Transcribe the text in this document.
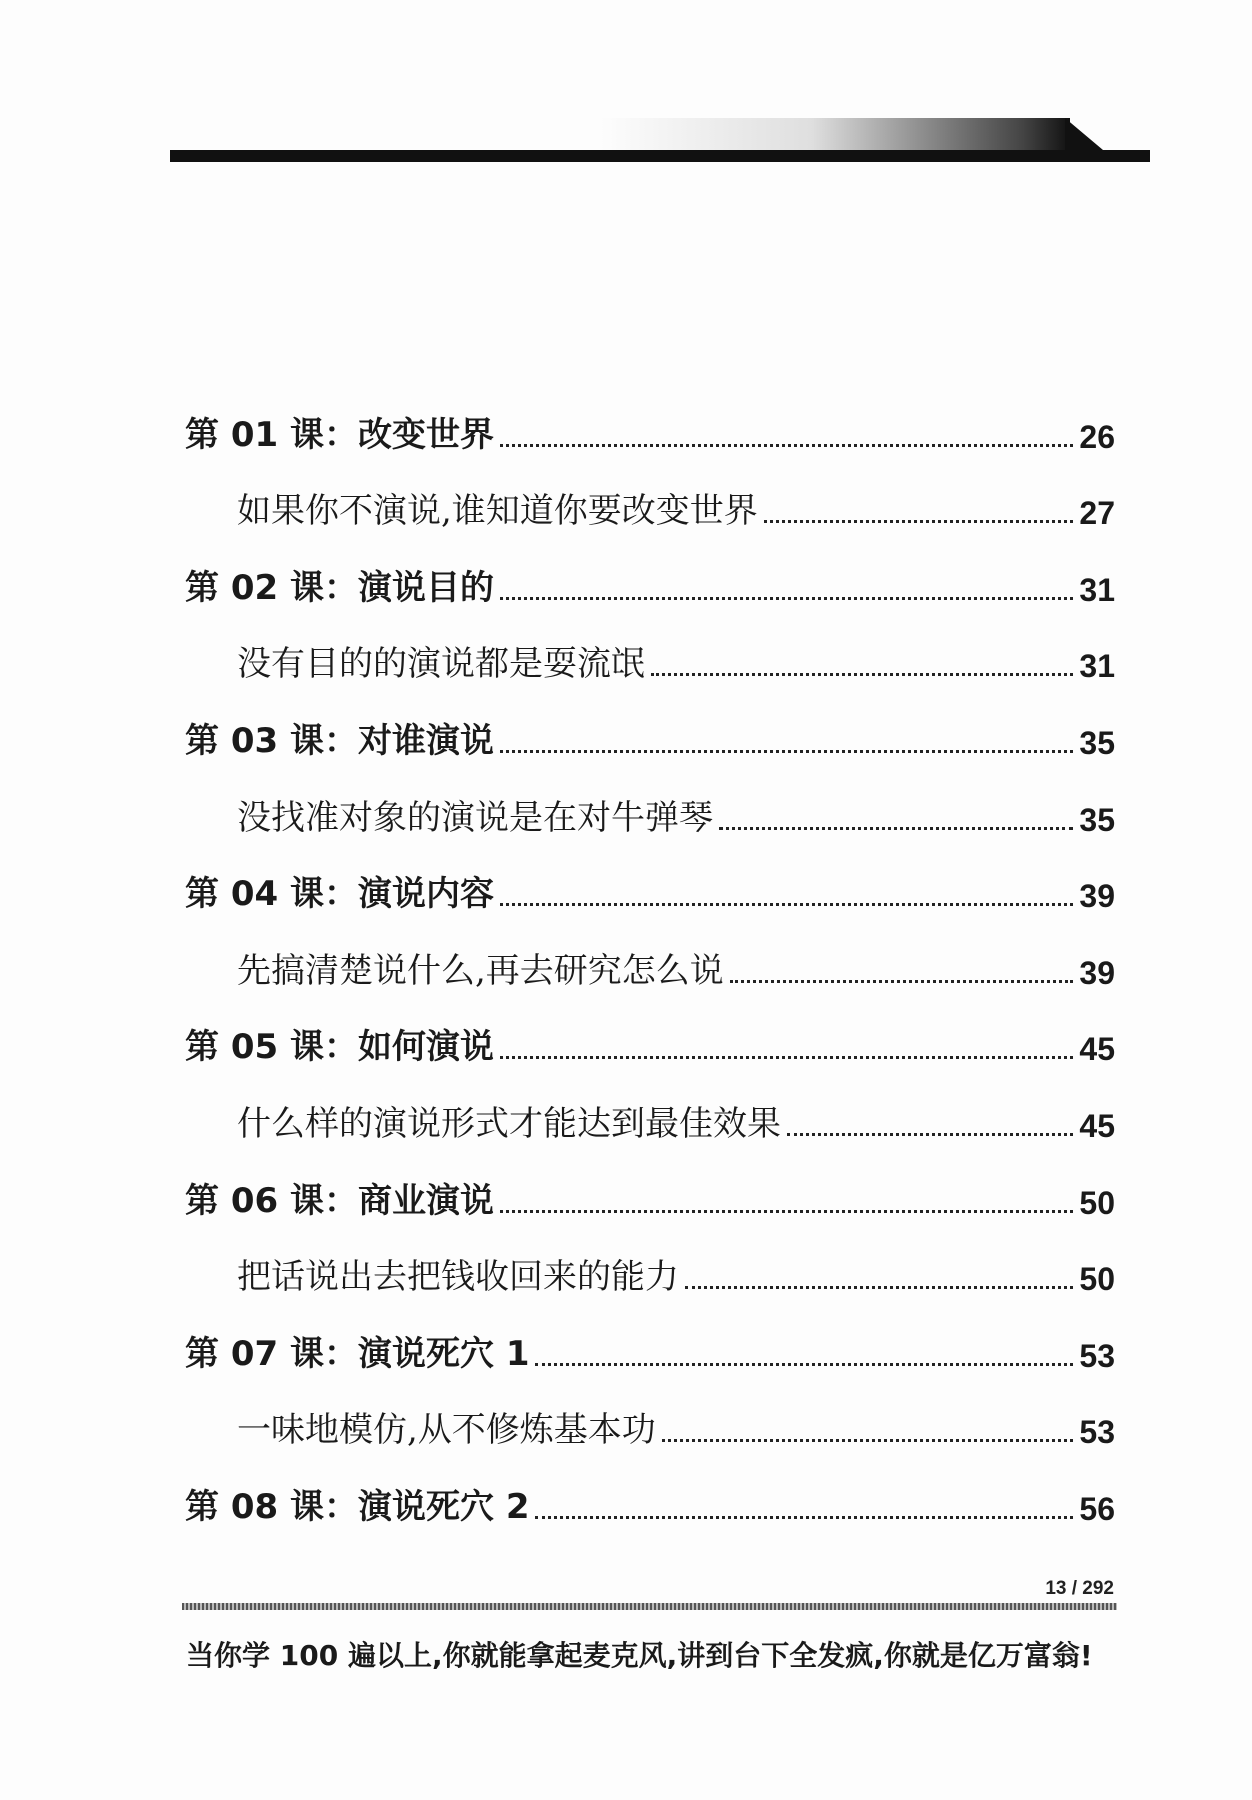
第 01 课：改变世界	26
如果你不演说,谁知道你要改变世界	27
第 02 课：演说目的	31
没有目的的演说都是耍流氓	31
第 03 课：对谁演说	35
没找准对象的演说是在对牛弹琴	35
第 04 课：演说内容	39
先搞清楚说什么,再去研究怎么说	39
第 05 课：如何演说	45
什么样的演说形式才能达到最佳效果	45
第 06 课：商业演说	50
把话说出去把钱收回来的能力	50
第 07 课：演说死穴 1	53
一味地模仿,从不修炼基本功	53
第 08 课：演说死穴 2	56
13 / 292
当你学 100 遍以上,你就能拿起麦克风,讲到台下全发疯,你就是亿万富翁!
